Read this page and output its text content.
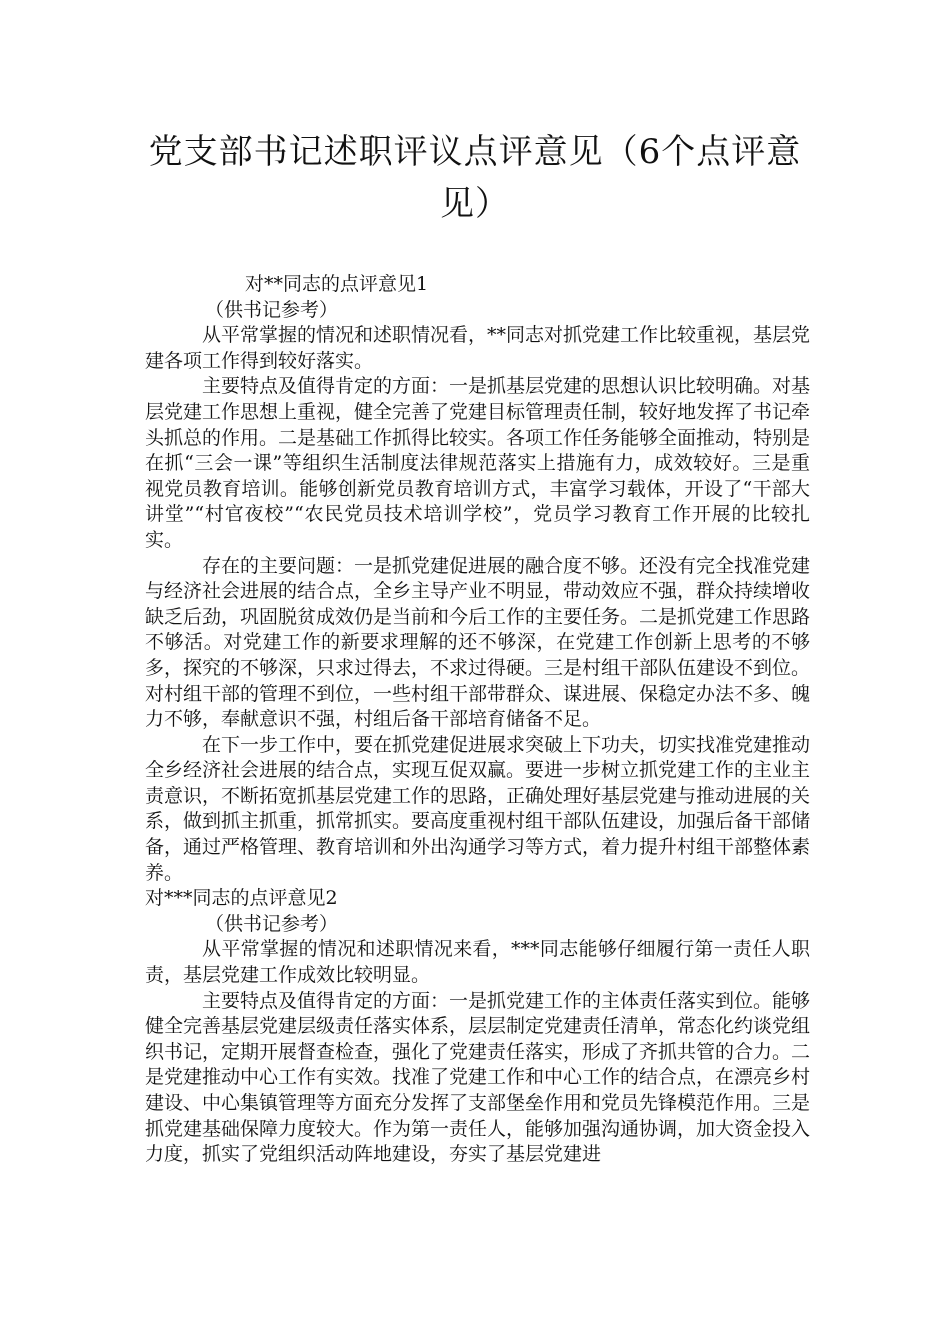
党支部书记述职评议点评意见（6个点评意见）

对**同志的点评意见1

（供书记参考）

从平常掌握的情况和述职情况看，**同志对抓党建工作比较重视，基层党建各项工作得到较好落实。

主要特点及值得肯定的方面：一是抓基层党建的思想认识比较明确。对基层党建工作思想上重视，健全完善了党建目标管理责任制，较好地发挥了书记牵头抓总的作用。二是基础工作抓得比较实。各项工作任务能够全面推动，特别是在抓“三会一课”等组织生活制度法律规范落实上措施有力，成效较好。三是重视党员教育培训。能够创新党员教育培训方式，丰富学习载体，开设了“干部大讲堂”“村官夜校”“农民党员技术培训学校”，党员学习教育工作开展的比较扎实。

存在的主要问题：一是抓党建促进展的融合度不够。还没有完全找准党建与经济社会进展的结合点，全乡主导产业不明显，带动效应不强，群众持续增收缺乏后劲，巩固脱贫成效仍是当前和今后工作的主要任务。二是抓党建工作思路不够活。对党建工作的新要求理解的还不够深，在党建工作创新上思考的不够多，探究的不够深，只求过得去，不求过得硬。三是村组干部队伍建设不到位。对村组干部的管理不到位，一些村组干部带群众、谋进展、保稳定办法不多、魄力不够，奉献意识不强，村组后备干部培育储备不足。

在下一步工作中，要在抓党建促进展求突破上下功夫，切实找准党建推动全乡经济社会进展的结合点，实现互促双赢。要进一步树立抓党建工作的主业主责意识，不断拓宽抓基层党建工作的思路，正确处理好基层党建与推动进展的关系，做到抓主抓重，抓常抓实。要高度重视村组干部队伍建设，加强后备干部储备，通过严格管理、教育培训和外出沟通学习等方式，着力提升村组干部整体素养。

对***同志的点评意见2

（供书记参考）

从平常掌握的情况和述职情况来看，***同志能够仔细履行第一责任人职责，基层党建工作成效比较明显。

主要特点及值得肯定的方面：一是抓党建工作的主体责任落实到位。能够健全完善基层党建层级责任落实体系，层层制定党建责任清单，常态化约谈党组织书记，定期开展督查检查，强化了党建责任落实，形成了齐抓共管的合力。二是党建推动中心工作有实效。找准了党建工作和中心工作的结合点，在漂亮乡村建设、中心集镇管理等方面充分发挥了支部堡垒作用和党员先锋模范作用。三是抓党建基础保障力度较大。作为第一责任人，能够加强沟通协调，加大资金投入力度，抓实了党组织活动阵地建设，夯实了基层党建进
